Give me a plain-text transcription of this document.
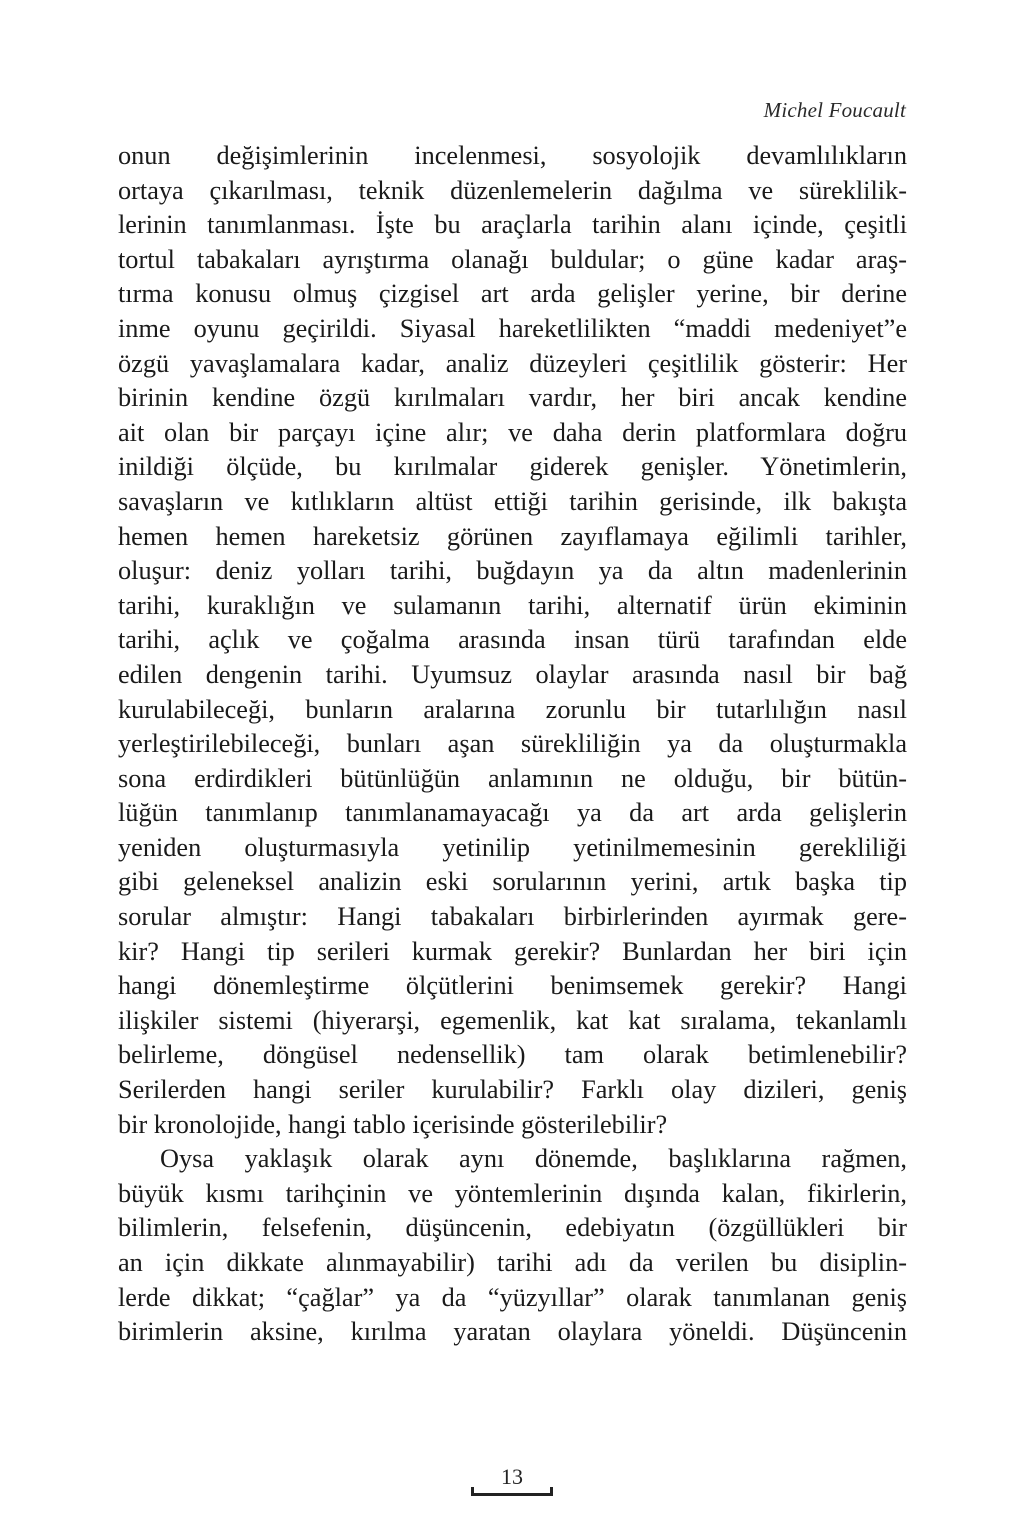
Michel Foucault
onun değişimlerinin incelenmesi, sosyolojik devamlılıkların
ortaya çıkarılması, teknik düzenlemelerin dağılma ve süreklilik-
lerinin tanımlanması. İşte bu araçlarla tarihin alanı içinde, çeşitli
tortul tabakaları ayrıştırma olanağı buldular; o güne kadar araş-
tırma konusu olmuş çizgisel art arda gelişler yerine, bir derine
inme oyunu geçirildi. Siyasal hareketlilikten “maddi medeniyet”e
özgü yavaşlamalara kadar, analiz düzeyleri çeşitlilik gösterir: Her
birinin kendine özgü kırılmaları vardır, her biri ancak kendine
ait olan bir parçayı içine alır; ve daha derin platformlara doğru
inildiği ölçüde, bu kırılmalar giderek genişler. Yönetimlerin,
savaşların ve kıtlıkların altüst ettiği tarihin gerisinde, ilk bakışta
hemen hemen hareketsiz görünen zayıflamaya eğilimli tarihler,
oluşur: deniz yolları tarihi, buğdayın ya da altın madenlerinin
tarihi, kuraklığın ve sulamanın tarihi, alternatif ürün ekiminin
tarihi, açlık ve çoğalma arasında insan türü tarafından elde
edilen dengenin tarihi. Uyumsuz olaylar arasında nasıl bir bağ
kurulabileceği, bunların aralarına zorunlu bir tutarlılığın nasıl
yerleştirilebileceği, bunları aşan sürekliliğin ya da oluşturmakla
sona erdirdikleri bütünlüğün anlamının ne olduğu, bir bütün-
lüğün tanımlanıp tanımlanamayacağı ya da art arda gelişlerin
yeniden oluşturmasıyla yetinilip yetinilmemesinin gerekliliği
gibi geleneksel analizin eski sorularının yerini, artık başka tip
sorular almıştır: Hangi tabakaları birbirlerinden ayırmak gere-
kir? Hangi tip serileri kurmak gerekir? Bunlardan her biri için
hangi dönemleştirme ölçütlerini benimsemek gerekir? Hangi
ilişkiler sistemi (hiyerarşi, egemenlik, kat kat sıralama, tekanlamlı
belirleme, döngüsel nedensellik) tam olarak betimlenebilir?
Serilerden hangi seriler kurulabilir? Farklı olay dizileri, geniş
bir kronolojide, hangi tablo içerisinde gösterilebilir?
Oysa yaklaşık olarak aynı dönemde, başlıklarına rağmen,
büyük kısmı tarihçinin ve yöntemlerinin dışında kalan, fikirlerin,
bilimlerin, felsefenin, düşüncenin, edebiyatın (özgüllükleri bir
an için dikkate alınmayabilir) tarihi adı da verilen bu disiplin-
lerde dikkat; “çağlar” ya da “yüzyıllar” olarak tanımlanan geniş
birimlerin aksine, kırılma yaratan olaylara yöneldi. Düşüncenin
13
